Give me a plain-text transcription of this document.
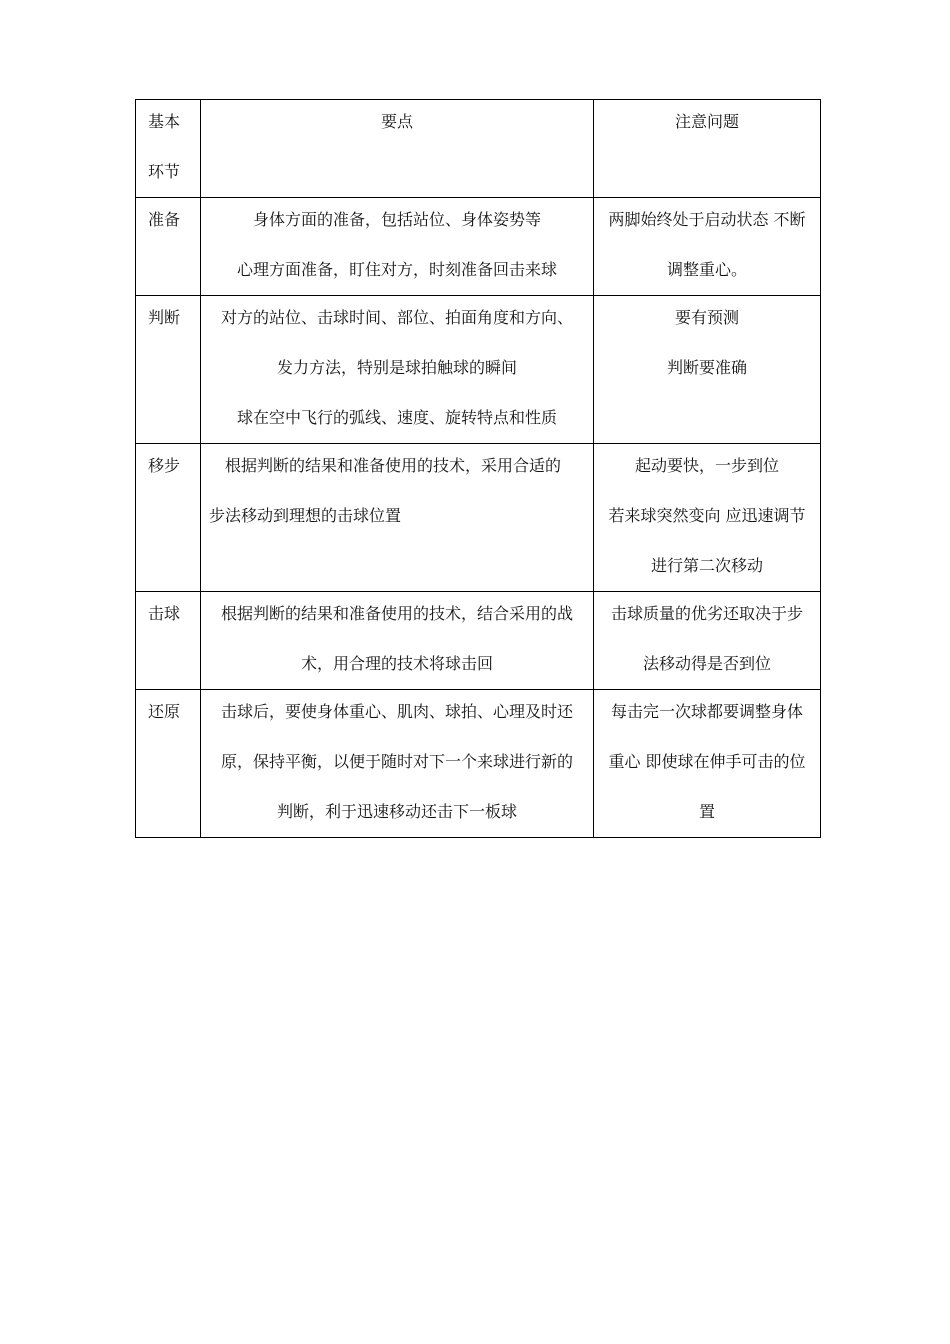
基本
环节	要点	注意问题

准备	身体方面的准备，包括站位、身体姿势等
心理方面准备，盯住对方，时刻准备回击来球	两脚始终处于启动状态 不断
调整重心。

判断	对方的站位、击球时间、部位、拍面角度和方向、
发力方法，特别是球拍触球的瞬间
球在空中飞行的弧线、速度、旋转特点和性质	要有预测
判断要准确

移步	根据判断的结果和准备使用的技术，采用合适的
步法移动到理想的击球位置	起动要快，一步到位
若来球突然变向 应迅速调节
进行第二次移动

击球	根据判断的结果和准备使用的技术，结合采用的战
术，用合理的技术将球击回	击球质量的优劣还取决于步
法移动得是否到位

还原	击球后，要使身体重心、肌肉、球拍、心理及时还
原，保持平衡，以便于随时对下一个来球进行新的
判断，利于迅速移动还击下一板球	每击完一次球都要调整身体
重心 即使球在伸手可击的位
置
